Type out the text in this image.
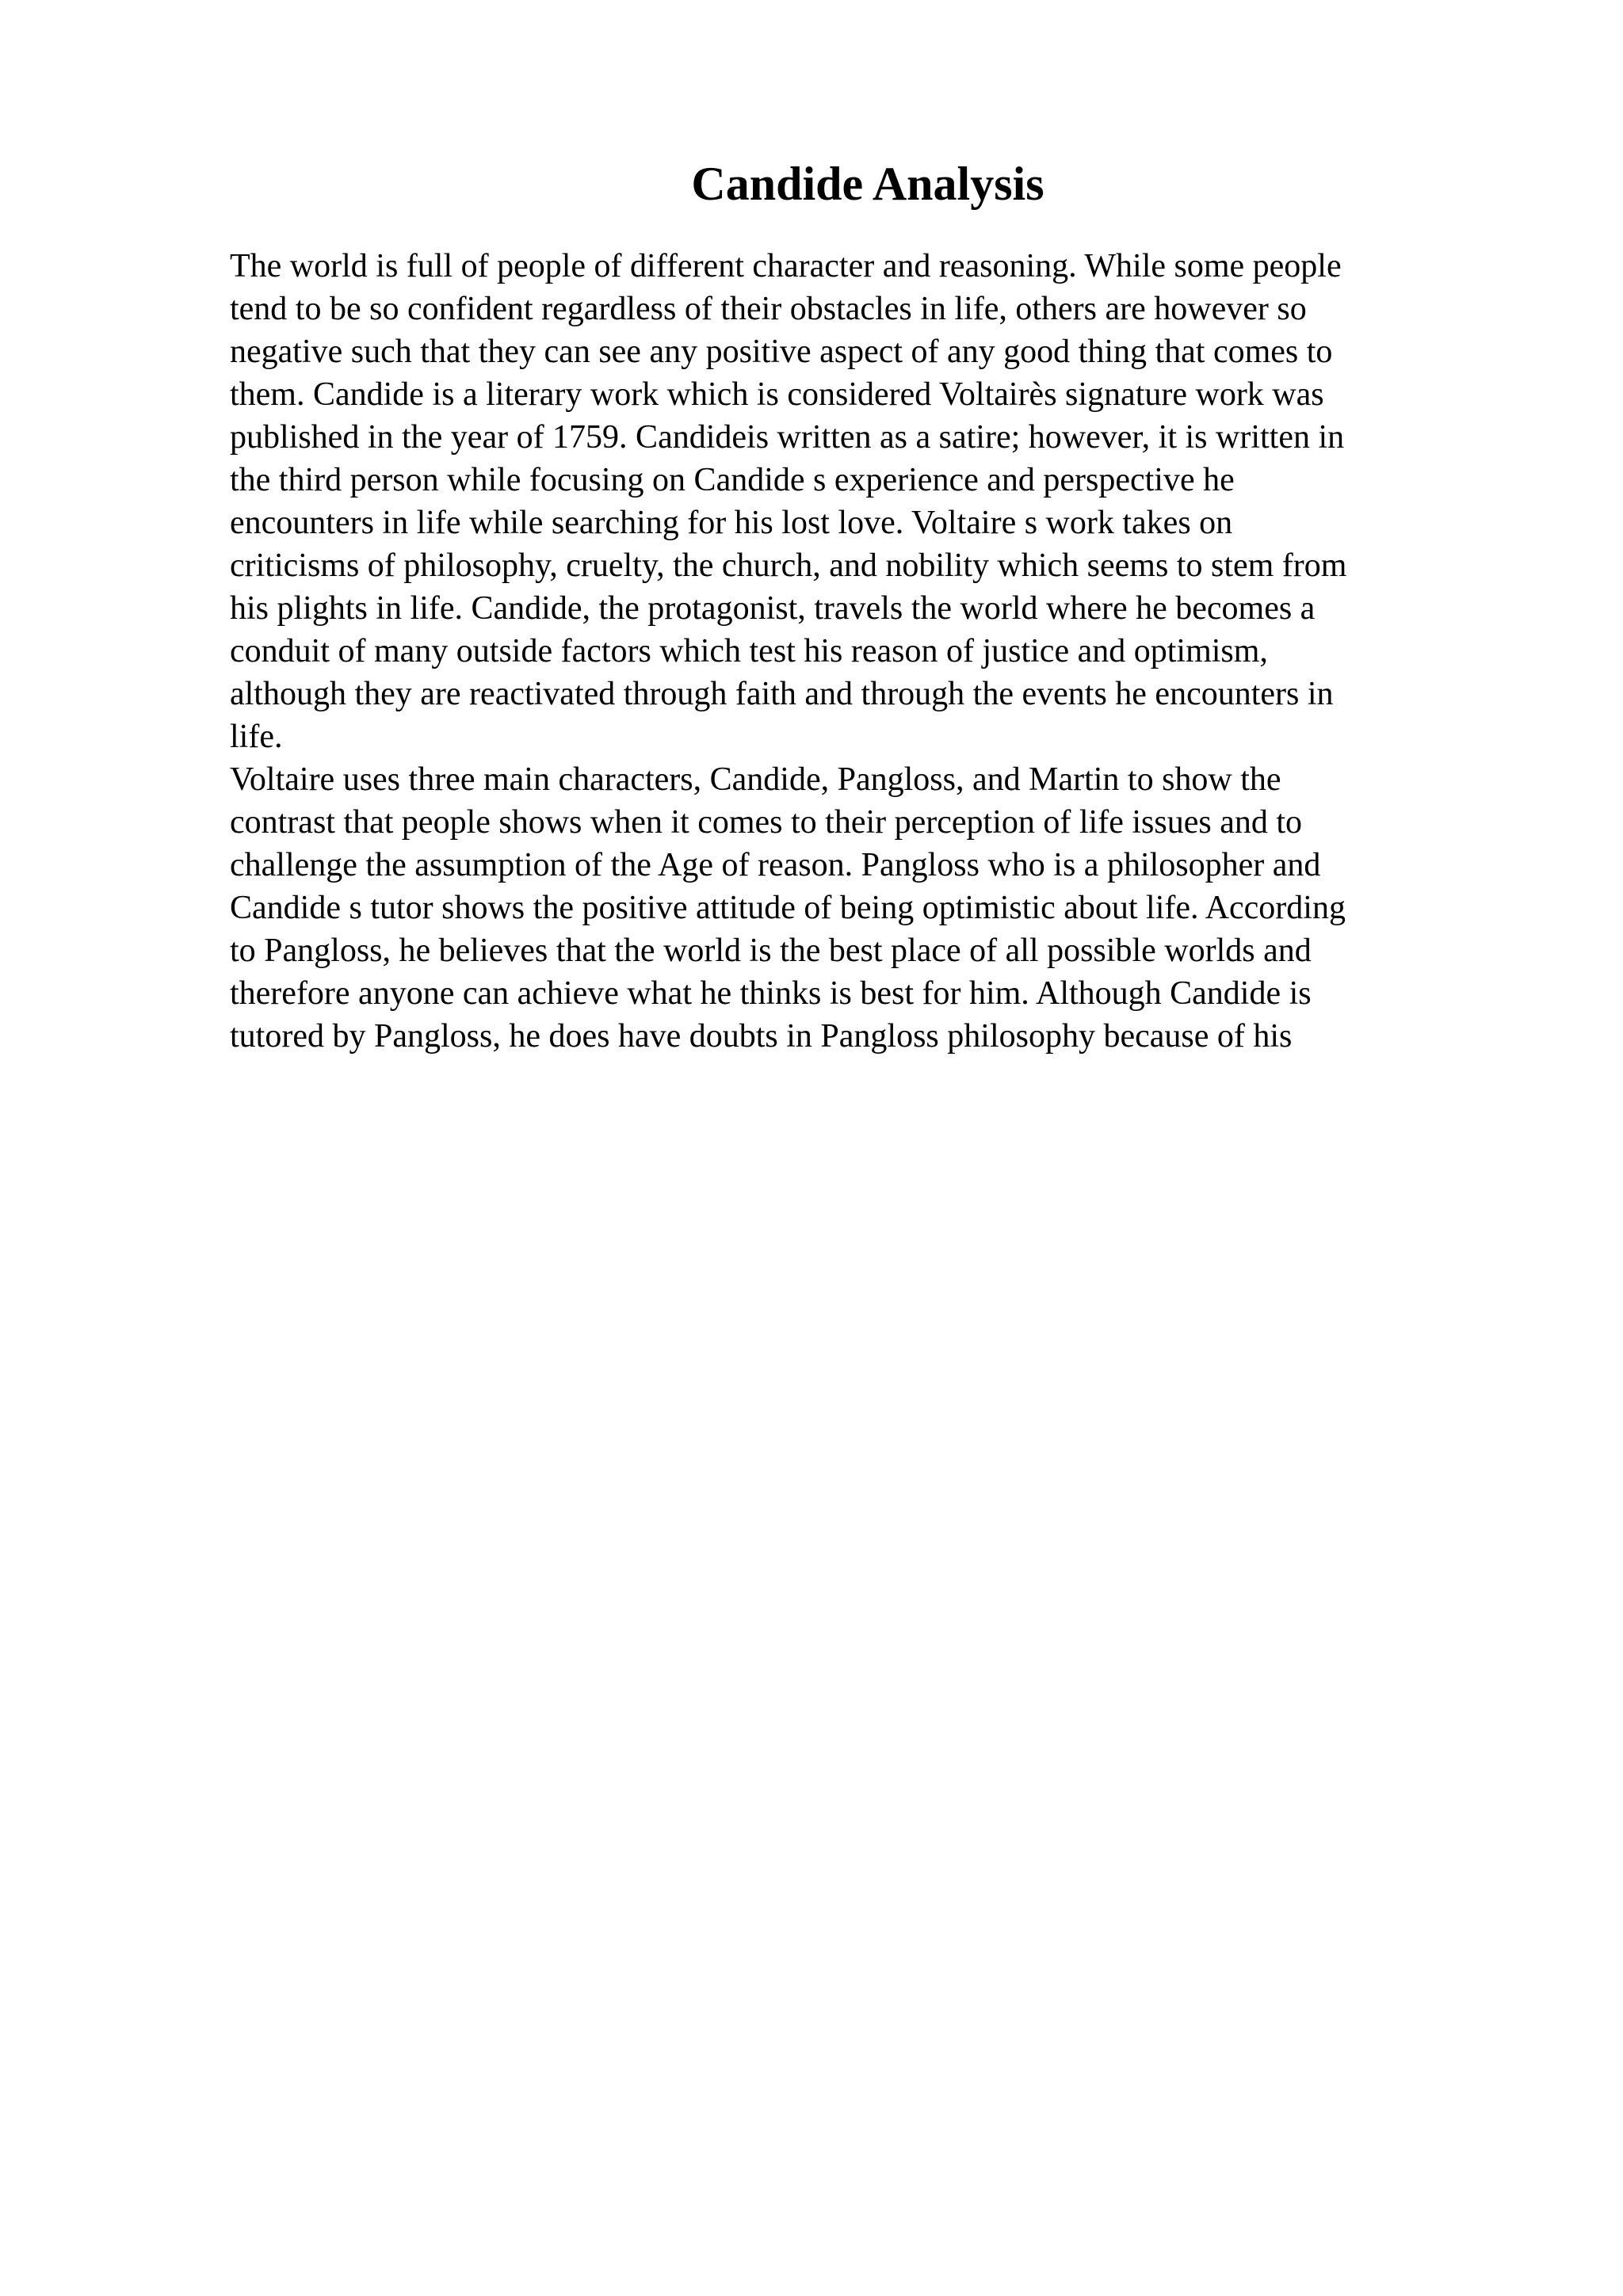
Candide Analysis
The world is full of people of different character and reasoning. While some people
tend to be so confident regardless of their obstacles in life, others are however so
negative such that they can see any positive aspect of any good thing that comes to
them. Candide is a literary work which is considered Voltairès signature work was
published in the year of 1759. Candideis written as a satire; however, it is written in
the third person while focusing on Candide s experience and perspective he
encounters in life while searching for his lost love. Voltaire s work takes on
criticisms of philosophy, cruelty, the church, and nobility which seems to stem from
his plights in life. Candide, the protagonist, travels the world where he becomes a
conduit of many outside factors which test his reason of justice and optimism,
although they are reactivated through faith and through the events he encounters in
life.
Voltaire uses three main characters, Candide, Pangloss, and Martin to show the
contrast that people shows when it comes to their perception of life issues and to
challenge the assumption of the Age of reason. Pangloss who is a philosopher and
Candide s tutor shows the positive attitude of being optimistic about life. According
to Pangloss, he believes that the world is the best place of all possible worlds and
therefore anyone can achieve what he thinks is best for him. Although Candide is
tutored by Pangloss, he does have doubts in Pangloss philosophy because of his
